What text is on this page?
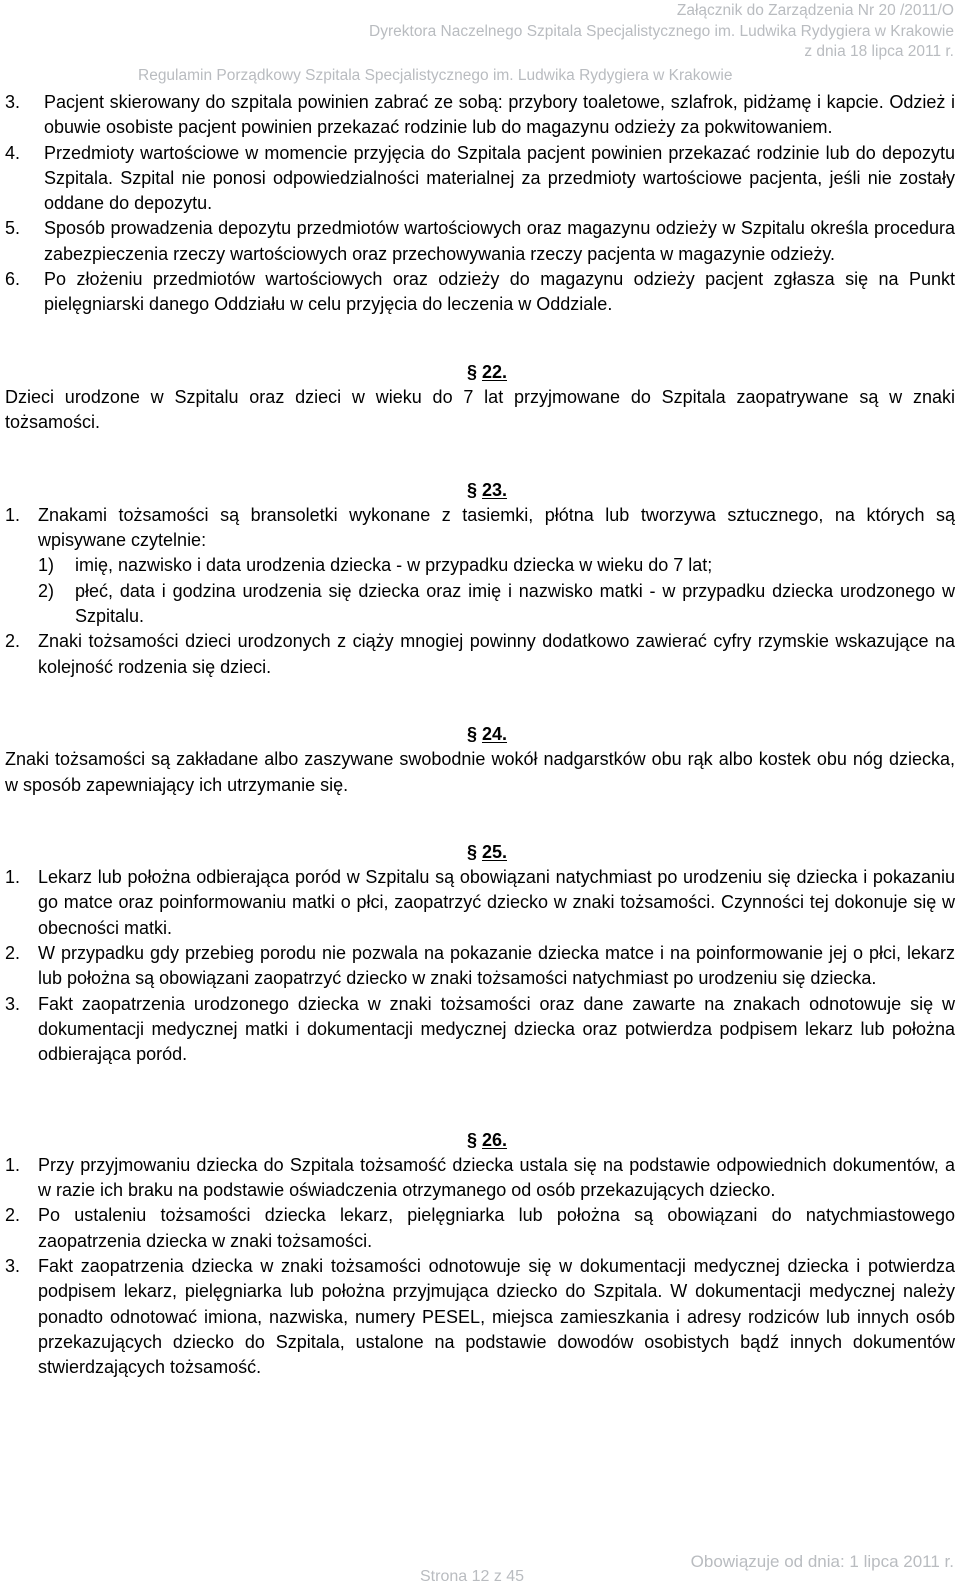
Załącznik do Zarządzenia Nr 20 /2011/O
Dyrektora Naczelnego Szpitala Specjalistycznego im. Ludwika Rydygiera w Krakowie
z dnia 18 lipca 2011 r.
Regulamin Porządkowy Szpitala Specjalistycznego im. Ludwika Rydygiera w Krakowie
3. Pacjent skierowany do szpitala powinien zabrać ze sobą: przybory toaletowe, szlafrok, pidżamę i kapcie. Odzież i obuwie osobiste pacjent powinien przekazać rodzinie lub do magazynu odzieży za pokwitowaniem.
4. Przedmioty wartościowe w momencie przyjęcia do Szpitala pacjent powinien przekazać rodzinie lub do depozytu Szpitala. Szpital nie ponosi odpowiedzialności materialnej za przedmioty wartościowe pacjenta, jeśli nie zostały oddane do depozytu.
5. Sposób prowadzenia depozytu przedmiotów wartościowych oraz magazynu odzieży w Szpitalu określa procedura zabezpieczenia rzeczy wartościowych oraz przechowywania rzeczy pacjenta w magazynie odzieży.
6. Po złożeniu przedmiotów wartościowych oraz odzieży do magazynu odzieży pacjent zgłasza się na Punkt pielęgniarski danego Oddziału w celu przyjęcia do leczenia w Oddziale.
§ 22.
Dzieci urodzone w Szpitalu oraz dzieci w wieku do 7 lat przyjmowane do Szpitala zaopatrywane są w znaki tożsamości.
§ 23.
1. Znakami tożsamości są bransoletki wykonane z tasiemki, płótna lub tworzywa sztucznego, na których są wpisywane czytelnie:
1) imię, nazwisko i data urodzenia dziecka - w przypadku dziecka w wieku do 7 lat;
2) płeć, data i godzina urodzenia się dziecka oraz imię i nazwisko matki - w przypadku dziecka urodzonego w Szpitalu.
2. Znaki tożsamości dzieci urodzonych z ciąży mnogiej powinny dodatkowo zawierać cyfry rzymskie wskazujące na kolejność rodzenia się dzieci.
§ 24.
Znaki tożsamości są zakładane albo zaszywane swobodnie wokół nadgarstków obu rąk albo kostek obu nóg dziecka, w sposób zapewniający ich utrzymanie się.
§ 25.
1. Lekarz lub położna odbierająca poród w Szpitalu są obowiązani natychmiast po urodzeniu się dziecka i pokazaniu go matce oraz poinformowaniu matki o płci, zaopatrzyć dziecko w znaki tożsamości. Czynności tej dokonuje się w obecności matki.
2. W przypadku gdy przebieg porodu nie pozwala na pokazanie dziecka matce i na poinformowanie jej o płci, lekarz lub położna są obowiązani zaopatrzyć dziecko w znaki tożsamości natychmiast po urodzeniu się dziecka.
3. Fakt zaopatrzenia urodzonego dziecka w znaki tożsamości oraz dane zawarte na znakach odnotowuje się w dokumentacji medycznej matki i dokumentacji medycznej dziecka oraz potwierdza podpisem lekarz lub położna odbierająca poród.
§ 26.
1. Przy przyjmowaniu dziecka do Szpitala tożsamość dziecka ustala się na podstawie odpowiednich dokumentów, a w razie ich braku na podstawie oświadczenia otrzymanego od osób przekazujących dziecko.
2. Po ustaleniu tożsamości dziecka lekarz, pielęgniarka lub położna są obowiązani do natychmiastowego zaopatrzenia dziecka w znaki tożsamości.
3. Fakt zaopatrzenia dziecka w znaki tożsamości odnotowuje się w dokumentacji medycznej dziecka i potwierdza podpisem lekarz, pielęgniarka lub położna przyjmująca dziecko do Szpitala. W dokumentacji medycznej należy ponadto odnotować imiona, nazwiska, numery PESEL, miejsca zamieszkania i adresy rodziców lub innych osób przekazujących dziecko do Szpitala, ustalone na podstawie dowodów osobistych bądź innych dokumentów stwierdzających tożsamość.
Obowiązuje od dnia: 1 lipca 2011 r.
Strona 12 z 45
